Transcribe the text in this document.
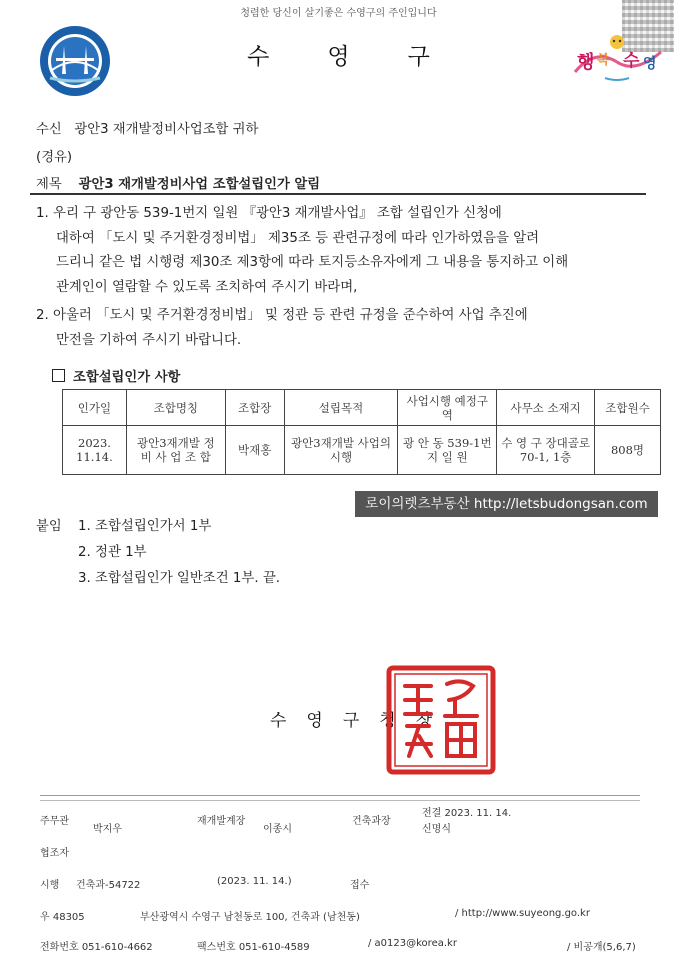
청렴한 당신이 살기좋은 수영구의 주인입니다
수영구	행 복 수 영
수신 광안3 재개발정비사업조합 귀하
(경유)
제목 광안3 재개발정비사업 조합설립인가 알림
1. 우리 구 광안동 539-1번지 일원 『광안3 재개발사업』 조합 설립인가 신청에
대하여 「도시 및 주거환경정비법」 제35조 등 관련규정에 따라 인가하였음을 알려
드리니 같은 법 시행령 제30조 제3항에 따라 토지등소유자에게 그 내용을 통지하고 이해
관계인이 열람할 수 있도록 조치하여 주시기 바라며,
2. 아울러 「도시 및 주거환경정비법」 및 정관 등 관련 규정을 준수하여 사업 추진에
만전을 기하여 주시기 바랍니다.
조합설립인가 사항
인가일	조합명칭	조합장	설립목적	사업시행 예정구역	사무소 소재지	조합원수
2023. 11.14.	광안3재개발 정 비 사 업 조 합	박재홍	광안3재개발 사업의 시행	광 안 동 539-1번지 일 원	수 영 구 장대골로 70-1, 1층	808명
로이의렛츠부동산 http://letsbudongsan.com
붙임 1. 조합설립인가서 1부
2. 정관 1부
3. 조합설립인가 일반조건 1부. 끝.
수영구청장
주무관
박지우
재개발계장
이종시
건축과장
전결 2023. 11. 14.
신명식
협조자
시행 건축과-54722	(2023. 11. 14.)	접수
우 48305	부산광역시 수영구 남천동로 100, 건축과 (남천동)	/ http://www.suyeong.go.kr
전화번호 051-610-4662	팩스번호 051-610-4589	/ a0123@korea.kr	/ 비공개(5,6,7)
